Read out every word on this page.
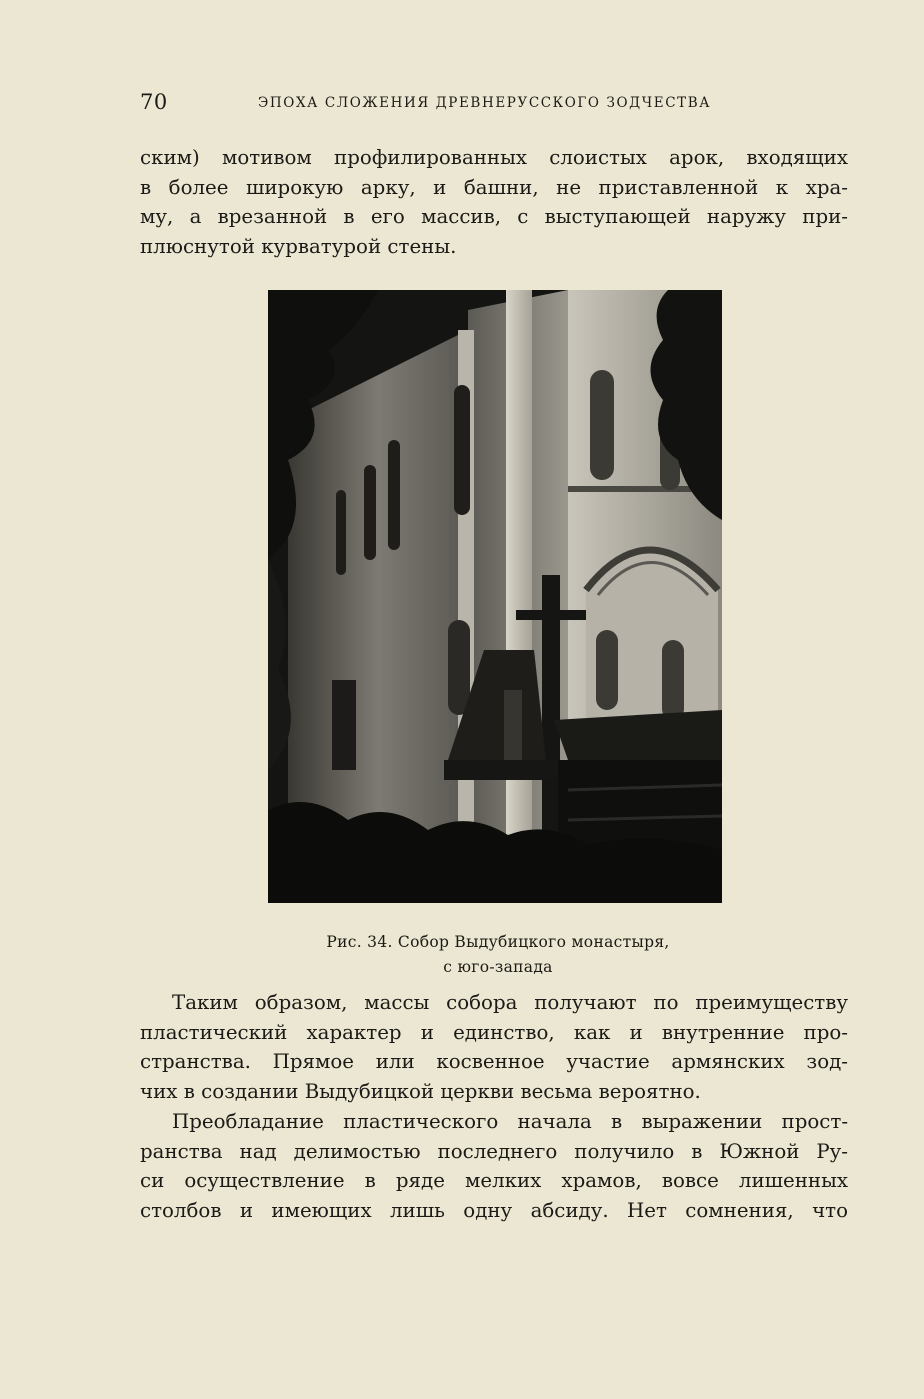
70	ЭПОХА СЛОЖЕНИЯ ДРЕВНЕРУССКОГО ЗОДЧЕСТВА
ским) мотивом профилированных слоистых арок, входящих
в более широкую арку, и башни, не приставленной к хра-
му, а врезанной в его массив, с выступающей наружу при-
плюснутой курватурой стены.
Рис. 34. Собор Выдубицкого монастыря,
с юго-запада
Таким образом, массы собора получают по преимуществу
пластический характер и единство, как и внутренние про-
странства. Прямое или косвенное участие армянских зод-
чих в создании Выдубицкой церкви весьма вероятно.
Преобладание пластического начала в выражении прост-
ранства над делимостью последнего получило в Южной Ру-
си осуществление в ряде мелких храмов, вовсе лишенных
столбов и имеющих лишь одну абсиду. Нет сомнения, что
